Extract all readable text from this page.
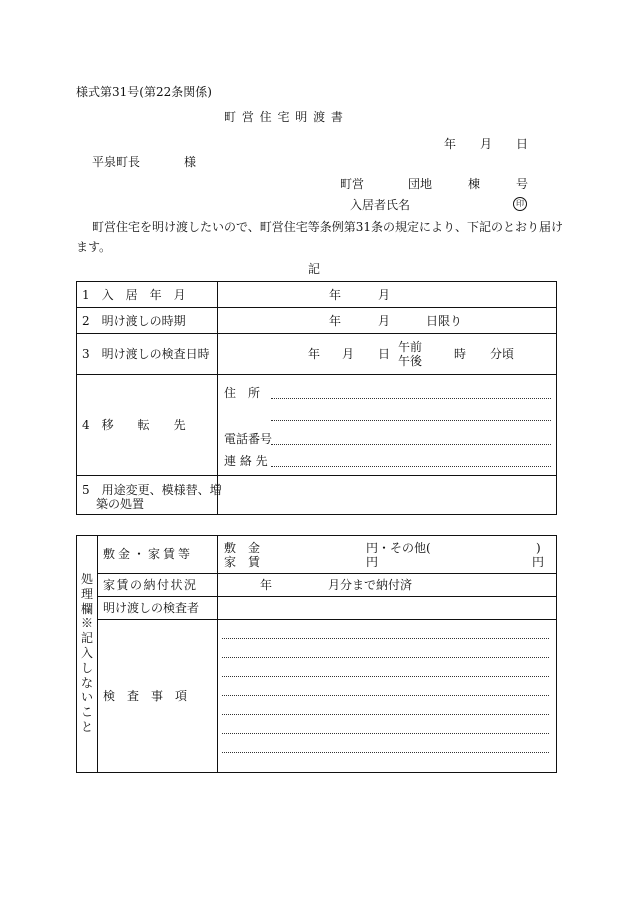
様式第31号(第22条関係)
町 営 住 宅 明 渡 書
年 月 日
平泉町長	様
町営	団地	棟	号
入居者氏名	印
町営住宅を明け渡したいので、町営住宅等条例第31条の規定により、下記のとおり届け
ます。
記
1　入　居　年　月	年	月
2　明け渡しの時期	年	月	日限り
3　明け渡しの検査日時	年 月 日 午前
午後	時 分頃
4　移　　転　　先
住　所
電話番号
連 絡 先
5　用途変更、模様替、増
築の処置
処理欄※記入しないこと
敷金・家賃等	敷　金	円・その他(	)
家　賃	円	円
家賃の納付状況	年	月分まで納付済
明け渡しの検査者
検　査　事　項
